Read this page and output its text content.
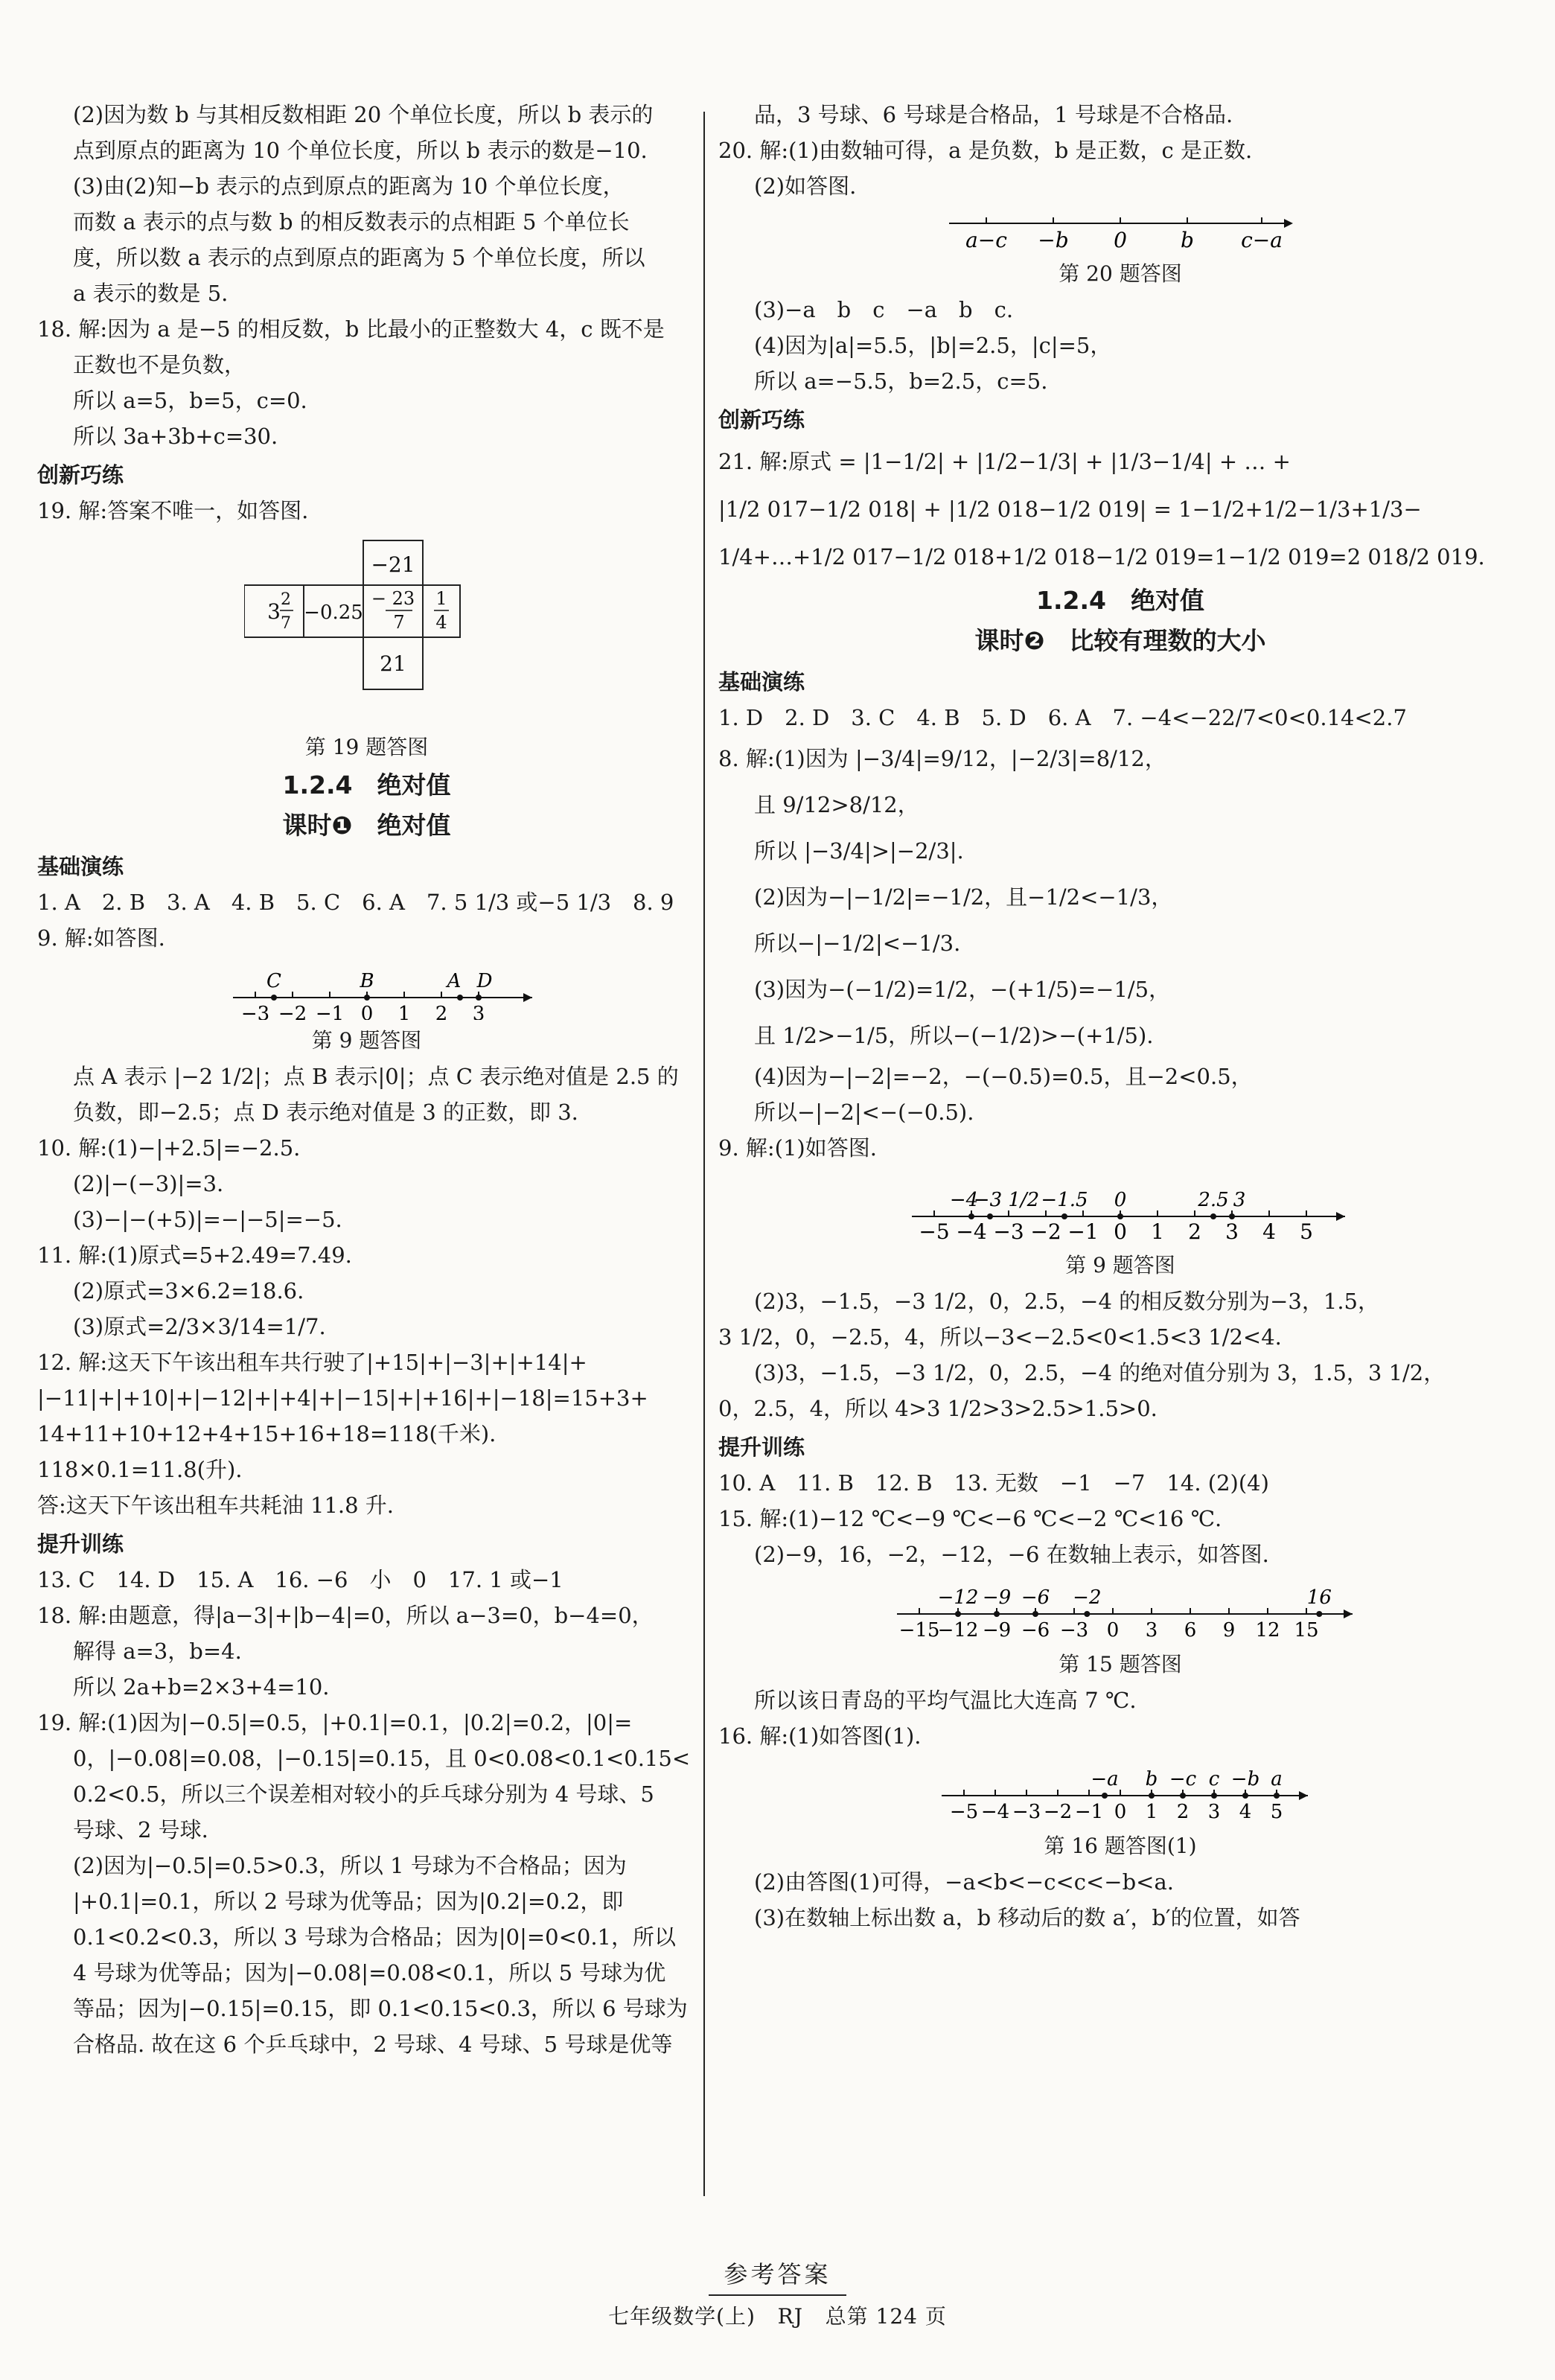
(2)因为数 b 与其相反数相距 20 个单位长度，所以 b 表示的
点到原点的距离为 10 个单位长度，所以 b 表示的数是−10.
(3)由(2)知−b 表示的点到原点的距离为 10 个单位长度，
而数 a 表示的点与数 b 的相反数表示的点相距 5 个单位长
度，所以数 a 表示的点到原点的距离为 5 个单位长度，所以
a 表示的数是 5.
18. 解:因为 a 是−5 的相反数，b 比最小的正整数大 4，c 既不是
正数也不是负数，
所以 a=5，b=5，c=0.
所以 3a+3b+c=30.
创新巧练
19. 解:答案不唯一，如答图.
−21
3 2
7 −0.25
− 23
7
1
4
21
第 19 题答图
1.2.4　绝对值
课时❶　绝对值
基础演练
1. A　2. B　3. A　4. B　5. C　6. A　7. 5 1/3 或−5 1/3　8. 9
9. 解:如答图.
−3 −2 −1 0 1 2 3
C	B	A D
第 9 题答图
点 A 表示 |−2 1/2|；点 B 表示|0|；点 C 表示绝对值是 2.5 的
负数，即−2.5；点 D 表示绝对值是 3 的正数，即 3.
10. 解:(1)−|+2.5|=−2.5.
(2)|−(−3)|=3.
(3)−|−(+5)|=−|−5|=−5.
11. 解:(1)原式=5+2.49=7.49.
(2)原式=3×6.2=18.6.
(3)原式=2/3×3/14=1/7.
12. 解:这天下午该出租车共行驶了|+15|+|−3|+|+14|+
|−11|+|+10|+|−12|+|+4|+|−15|+|+16|+|−18|=15+3+
14+11+10+12+4+15+16+18=118(千米).
118×0.1=11.8(升).
答:这天下午该出租车共耗油 11.8 升.
提升训练
13. C　14. D　15. A　16. −6　小　0　17. 1 或−1
18. 解:由题意，得|a−3|+|b−4|=0，所以 a−3=0，b−4=0，
解得 a=3，b=4.
所以 2a+b=2×3+4=10.
19. 解:(1)因为|−0.5|=0.5，|+0.1|=0.1，|0.2|=0.2，|0|=
0，|−0.08|=0.08，|−0.15|=0.15，且 0<0.08<0.1<0.15<
0.2<0.5，所以三个误差相对较小的乒乓球分别为 4 号球、5
号球、2 号球.
(2)因为|−0.5|=0.5>0.3，所以 1 号球为不合格品；因为
|+0.1|=0.1，所以 2 号球为优等品；因为|0.2|=0.2，即
0.1<0.2<0.3，所以 3 号球为合格品；因为|0|=0<0.1，所以
4 号球为优等品；因为|−0.08|=0.08<0.1，所以 5 号球为优
等品；因为|−0.15|=0.15，即 0.1<0.15<0.3，所以 6 号球为
合格品. 故在这 6 个乒乓球中，2 号球、4 号球、5 号球是优等
品，3 号球、6 号球是合格品，1 号球是不合格品.
20. 解:(1)由数轴可得，a 是负数，b 是正数，c 是正数.
(2)如答图.
a−c −b 0	b c−a
第 20 题答图
(3)−a　b　c　−a　b　c.
(4)因为|a|=5.5，|b|=2.5，|c|=5，
所以 a=−5.5，b=2.5，c=5.
创新巧练
21. 解:原式 = |1−1/2| + |1/2−1/3| + |1/3−1/4| + … +
|1/2 017−1/2 018| + |1/2 018−1/2 019| = 1−1/2+1/2−1/3+1/3−
1/4+…+1/2 017−1/2 018+1/2 018−1/2 019=1−1/2 019=2 018/2 019.
1.2.4　绝对值
课时❷　比较有理数的大小
基础演练
1. D　2. D　3. C　4. B　5. D　6. A　7. −4<−22/7<0<0.14<2.7
8. 解:(1)因为 |−3/4|=9/12，|−2/3|=8/12，
且 9/12>8/12，
所以 |−3/4|>|−2/3|.
(2)因为−|−1/2|=−1/2，且−1/2<−1/3，
所以−|−1/2|<−1/3.
(3)因为−(−1/2)=1/2，−(+1/5)=−1/5，
且 1/2>−1/5，所以−(−1/2)>−(+1/5).
(4)因为−|−2|=−2，−(−0.5)=0.5，且−2<0.5，
所以−|−2|<−(−0.5).
9. 解:(1)如答图.
−5 −4 −3 −2 −1 0 1 2 3 4 5
−4
−3 1/2 −1.5 0	2.5 3
第 9 题答图
(2)3，−1.5，−3 1/2，0，2.5，−4 的相反数分别为−3，1.5，
3 1/2，0，−2.5，4，所以−3<−2.5<0<1.5<3 1/2<4.
(3)3，−1.5，−3 1/2，0，2.5，−4 的绝对值分别为 3，1.5，3 1/2，
0，2.5，4，所以 4>3 1/2>3>2.5>1.5>0.
提升训练
10. A　11. B　12. B　13. 无数　−1　−7　14. (2)(4)
15. 解:(1)−12 ℃<−9 ℃<−6 ℃<−2 ℃<16 ℃.
(2)−9，16，−2，−12，−6 在数轴上表示，如答图.
−15
−12 −9 −6 −3 0 3 6 9 12 15
−12 −9 −6 −2	16
第 15 题答图
所以该日青岛的平均气温比大连高 7 ℃.
16. 解:(1)如答图(1).
−5 −4 −3 −2 −1 0 1 2 3 4 5
−a b −c c −b a
第 16 题答图(1)
(2)由答图(1)可得，−a<b<−c<c<−b<a.
(3)在数轴上标出数 a，b 移动后的数 a′，b′的位置，如答
参考答案
七年级数学(上) RJ 总第 124 页
